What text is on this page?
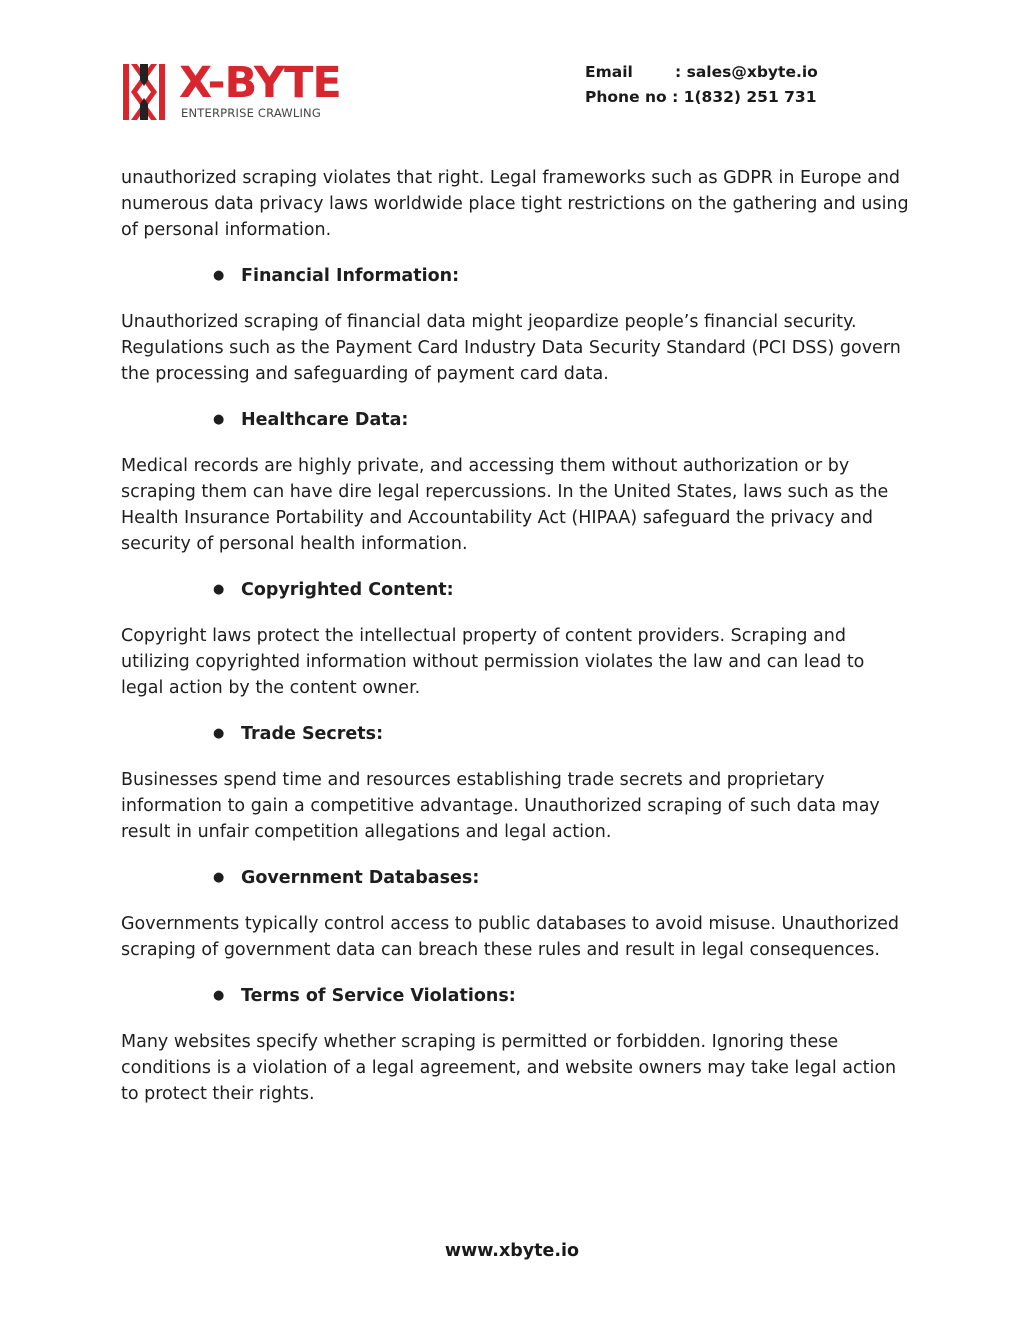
X-BYTE
ENTERPRISE CRAWLING
Email	: sales@xbyte.io
Phone no : 1(832) 251 731

unauthorized scraping violates that right. Legal frameworks such as GDPR in Europe and numerous data privacy laws worldwide place tight restrictions on the gathering and using of personal information.

● Financial Information:

Unauthorized scraping of financial data might jeopardize people’s financial security. Regulations such as the Payment Card Industry Data Security Standard (PCI DSS) govern the processing and safeguarding of payment card data.

● Healthcare Data:

Medical records are highly private, and accessing them without authorization or by scraping them can have dire legal repercussions. In the United States, laws such as the Health Insurance Portability and Accountability Act (HIPAA) safeguard the privacy and security of personal health information.

● Copyrighted Content:

Copyright laws protect the intellectual property of content providers. Scraping and utilizing copyrighted information without permission violates the law and can lead to legal action by the content owner.

● Trade Secrets:

Businesses spend time and resources establishing trade secrets and proprietary information to gain a competitive advantage. Unauthorized scraping of such data may result in unfair competition allegations and legal action.

● Government Databases:

Governments typically control access to public databases to avoid misuse. Unauthorized scraping of government data can breach these rules and result in legal consequences.

● Terms of Service Violations:

Many websites specify whether scraping is permitted or forbidden. Ignoring these conditions is a violation of a legal agreement, and website owners may take legal action to protect their rights.

www.xbyte.io
